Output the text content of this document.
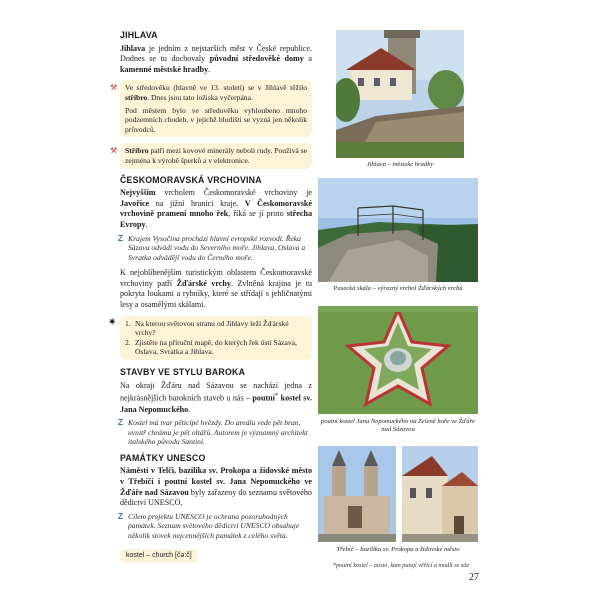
JIHLAVA
Jihlava je jedním z nejstarších měst v České republice. Dodnes se tu dochovaly původní středověké domy a kamenné městské hradby.
⚒ Ve středověku (hlavně ve 13. století) se v Jihlavě těžilo stříbro. Dnes jsou tato ložiska vyčerpána.
Pod městem bylo ve středověku vyhloubeno mnoho podzemních chodeb, v jejichž bludišti se vyzná jen několik průvodců.
⚒ Stříbro patří mezi kovové minerály neboli rudy. Používá se zejména k výrobě šperků a v elektronice.
ČESKOMORAVSKÁ VRCHOVINA
Nejvyšším vrcholem Českomoravské vrchoviny je Javořice na jižní hranici kraje. V Českomoravské vrchovině pramení mnoho řek, říká se jí proto střecha Evropy.
Z Krajem Vysočina prochází hlavní evropské rozvodí. Řeka Sázava odvádí vodu do Severního moře. Jihlava, Oslava a Svratka odvádějí vodu do Černého moře.
K nejoblíbenějším turistickým oblastem Českomoravské vrchoviny patří Žďárské vrchy. Zvlněná krajina je tu pokryta loukami a rybníky, které se střídají s jehličnatými lesy a osamělými skálami.
✷ 1. Na kterou světovou stranu od Jihlavy leží Žďárské vrchy?
2. Zjistěte na příruční mapě, do kterých řek ústí Sázava, Oslava, Svratka a Jihlava.
STAVBY VE STYLU BAROKA
Na okraji Žďáru nad Sázavou se nachází jedna z nejkrásnějších barokních staveb u nás – poutní* kostel sv. Jana Nepomuckého.
Z Kostel má tvar pěticípé hvězdy. Do areálu vede pět bran, uvnitř chrámu je pět oltářů. Autorem je významný architekt italského původu Santini.
PAMÁTKY UNESCO
Náměstí v Telči, bazilika sv. Prokopa a židovské město v Třebíči i poutní kostel sv. Jana Nepomuckého ve Žďáře nad Sázavou byly zařazeny do seznamu světového dědictví UNESCO.
Z Cílem projektu UNESCO je ochrana pozoruhodných památek. Seznam světového dědictví UNESCO obsahuje několik stovek nejcennějších památek z celého světa.
kostel – church [čə:č]
Jihlava – městské hradby
Pasecká skála – výrazný vrchol Žďárských vrchů
poutní kostel Jana Nepomuckého na Zelené hoře ve Žďáře nad Sázavou
Třebíč – bazilika sv. Prokopa a židovské město
*poutní kostel – místo, kam putují věřící a modlí se zde
27
